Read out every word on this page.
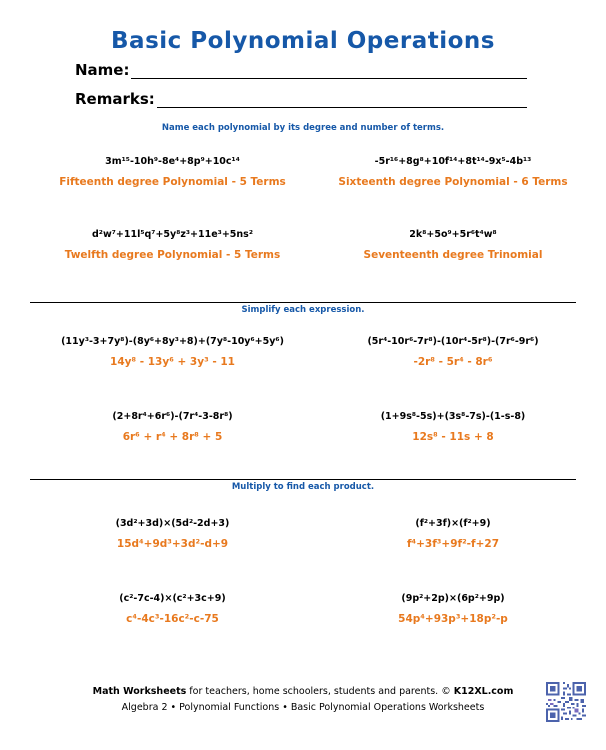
Basic Polynomial Operations
Name:
Remarks:
Name each polynomial by its degree and number of terms.
3m¹⁵-10h⁹-8e⁴+8p⁹+10c¹⁴
Fifteenth degree Polynomial - 5 Terms
-5r¹⁶+8g⁸+10f¹⁴+8t¹⁴-9x⁵-4b¹³
Sixteenth degree Polynomial - 6 Terms
d²w⁷+11l⁵q⁷+5y⁸z³+11e³+5ns²
Twelfth degree Polynomial - 5 Terms
2k⁸+5o⁹+5r⁶t⁴w⁸
Seventeenth degree Trinomial
Simplify each expression.
(11y³-3+7y⁸)-(8y⁶+8y³+8)+(7y⁸-10y⁶+5y⁶)
14y⁸ - 13y⁶ + 3y³ - 11
(5r⁴-10r⁶-7r⁸)-(10r⁴-5r⁸)-(7r⁶-9r⁶)
-2r⁸ - 5r⁴ - 8r⁶
(2+8r⁴+6r⁶)-(7r⁴-3-8r⁸)
6r⁶ + r⁴ + 8r⁸ + 5
(1+9s⁸-5s)+(3s⁸-7s)-(1-s-8)
12s⁸ - 11s + 8
Multiply to find each product.
(3d²+3d)×(5d²-2d+3)
15d⁴+9d³+3d²-d+9
(f²+3f)×(f²+9)
f⁴+3f³+9f²-f+27
(c²-7c-4)×(c²+3c+9)
c⁴-4c³-16c²-c-75
(9p²+2p)×(6p²+9p)
54p⁴+93p³+18p²-p
Math Worksheets for teachers, home schoolers, students and parents. © K12XL.com
Algebra 2 • Polynomial Functions • Basic Polynomial Operations Worksheets
